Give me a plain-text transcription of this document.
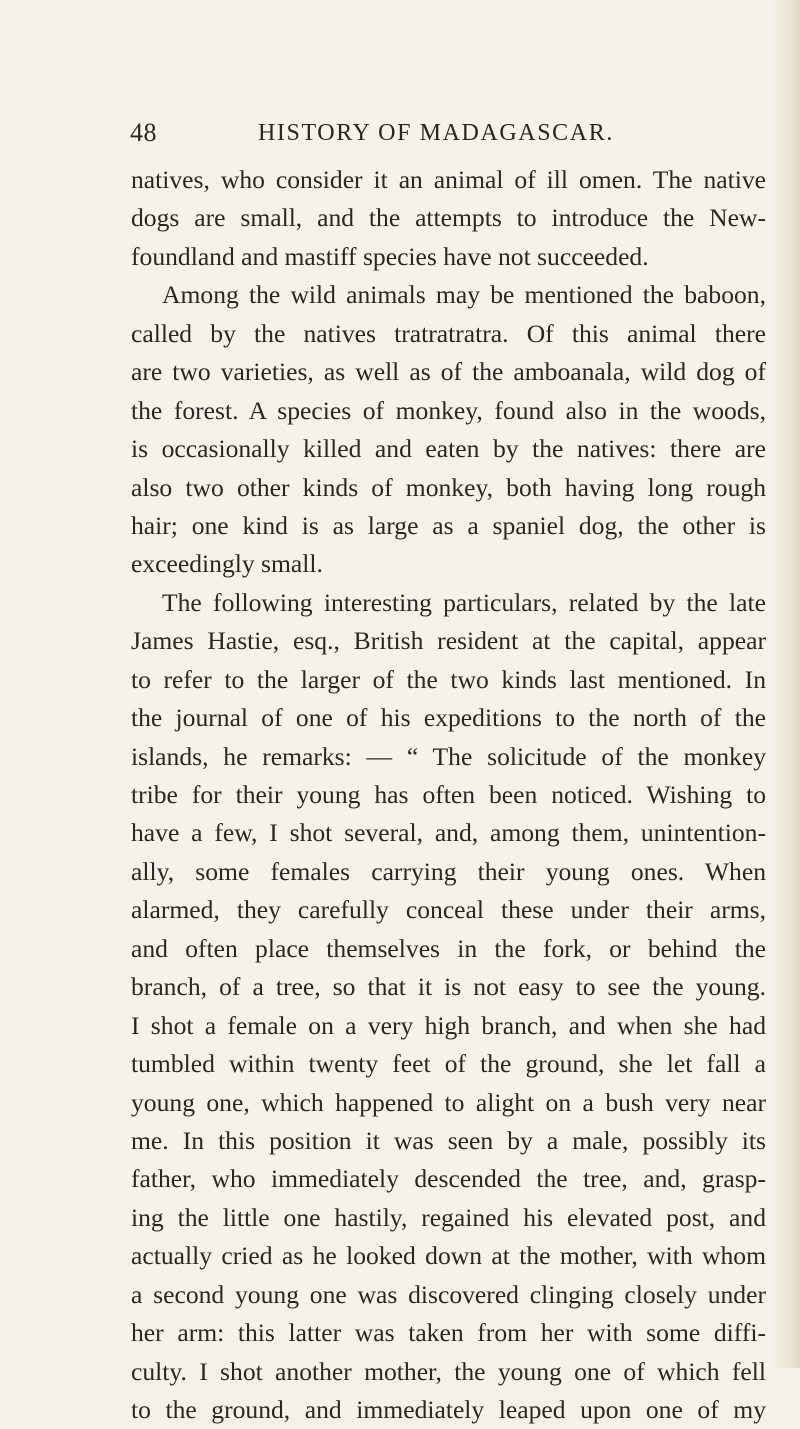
48	HISTORY OF MADAGASCAR.
natives, who consider it an animal of ill omen. The native
dogs are small, and the attempts to introduce the New-
foundland and mastiff species have not succeeded.
Among the wild animals may be mentioned the baboon,
called by the natives tratratratra. Of this animal there
are two varieties, as well as of the amboanala, wild dog of
the forest. A species of monkey, found also in the woods,
is occasionally killed and eaten by the natives: there are
also two other kinds of monkey, both having long rough
hair; one kind is as large as a spaniel dog, the other is
exceedingly small.
The following interesting particulars, related by the late
James Hastie, esq., British resident at the capital, appear
to refer to the larger of the two kinds last mentioned. In
the journal of one of his expeditions to the north of the
islands, he remarks: — “ The solicitude of the monkey
tribe for their young has often been noticed. Wishing to
have a few, I shot several, and, among them, unintention-
ally, some females carrying their young ones. When
alarmed, they carefully conceal these under their arms,
and often place themselves in the fork, or behind the
branch, of a tree, so that it is not easy to see the young.
I shot a female on a very high branch, and when she had
tumbled within twenty feet of the ground, she let fall a
young one, which happened to alight on a bush very near
me. In this position it was seen by a male, possibly its
father, who immediately descended the tree, and, grasp-
ing the little one hastily, regained his elevated post, and
actually cried as he looked down at the mother, with whom
a second young one was discovered clinging closely under
her arm: this latter was taken from her with some diffi-
culty. I shot another mother, the young one of which fell
to the ground, and immediately leaped upon one of my
